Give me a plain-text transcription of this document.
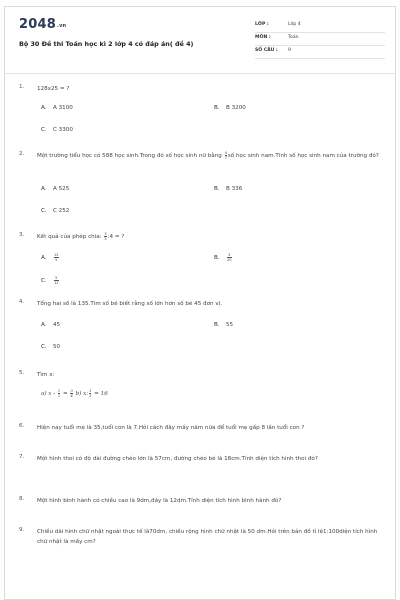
2048.vn
Bộ 30 Đề thi Toán học kì 2 lớp 4 có đáp án( đề 4)
LỚP :	Lớp 4
MÔN :	Toán
SỐ CÂU : 9
1. 128x25 = ?
A. A 3100	B. B 3200
C. C 3300
2. Một trường tiểu học có 588 học sinh.Trong đó số học sinh nữ bằng $\frac{4}{7}$ số học sinh nam.Tính số học sinh nam của trường đó?
A. A 525	B. B 336
C. C 252
3. Kết quả của phép chia: $\frac{3}{5}$ :4 = ?
A. $\frac{12}{5}$	B. $\frac{3}{20}$
C. $\frac{5}{12}$
4. Tổng hai số là 135.Tìm số bé biết rằng số lớn hơn số bé 45 đơn vị.
A. 45	B. 55
C. 50
5. Tìm x:
a) $x - \frac{1}{2} = \frac{3}{4} b$) x: $\frac{1}{3} = 16$
6. Hiện nay tuổi mẹ là 35,tuổi con là 7.Hỏi cách đây mấy năm nữa để tuổi mẹ gấp 8 lần tuổi con ?
7. Một hình thoi có độ dài đường chéo lớn là 57cm, đường chéo bé là 18cm.Tính diện tích hình thoi đó?
8. Một hình bình hành có chiều cao là 9dm,đáy là 12dm.Tính diện tích hình bình hành đó?
9. Chiều dài hình chữ nhật ngoài thực tế là70dm, chiều rộng hình chữ nhật là 50 dm.Hỏi trên bản đồ tỉ lệ1:100diện tích hình chữ nhật là mấy cm?
